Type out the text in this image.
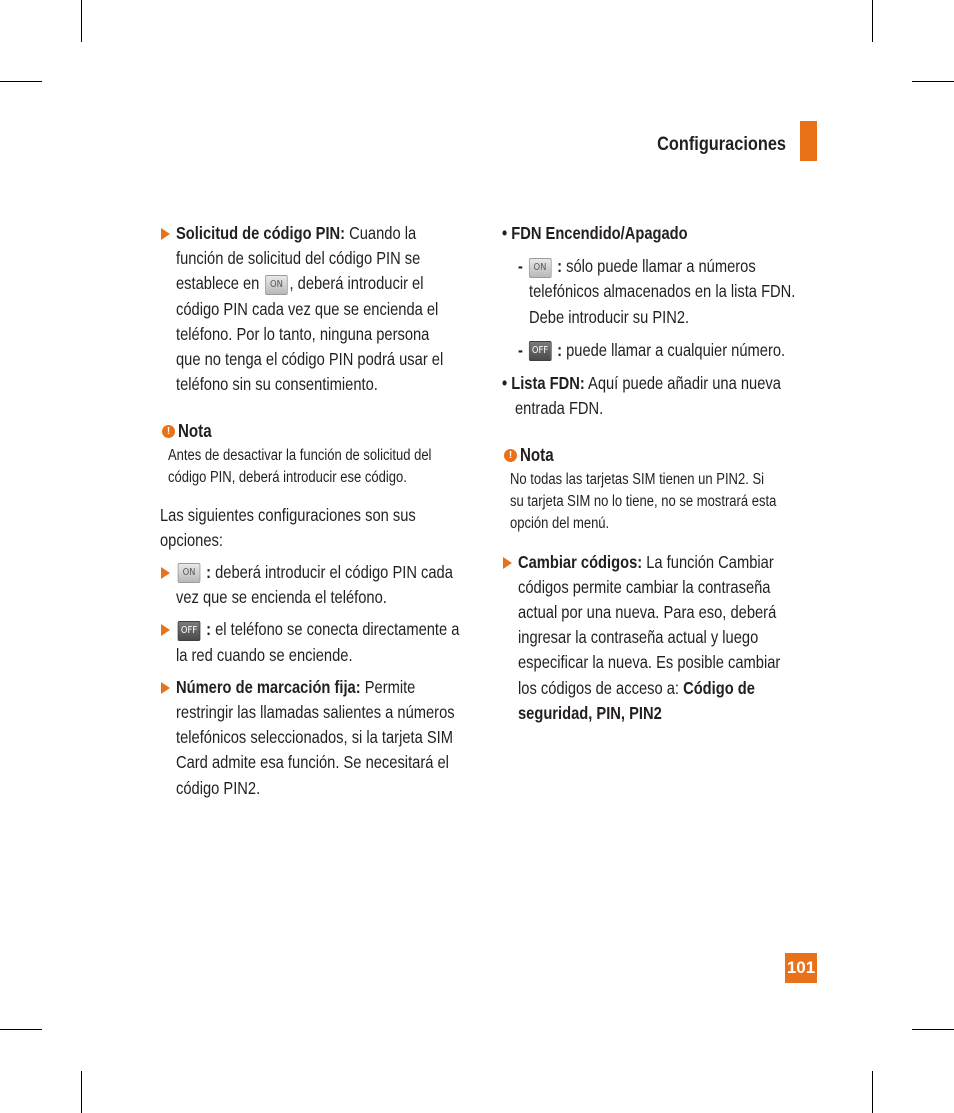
Configuraciones

Solicitud de código PIN: Cuando la

función de solicitud del código PIN se

establece en ON , deberá introducir el

código PIN cada vez que se encienda el

teléfono. Por lo tanto, ninguna persona

que no tenga el código PIN podrá usar el

teléfono sin su consentimiento.

! Nota

Antes de desactivar la función de solicitud del

código PIN, deberá introducir ese código.

Las siguientes configuraciones son sus

opciones:

ON : deberá introducir el código PIN cada

vez que se encienda el teléfono.

OFF : el teléfono se conecta directamente a

la red cuando se enciende.

Número de marcación fija: Permite

restringir las llamadas salientes a números

telefónicos seleccionados, si la tarjeta SIM

Card admite esa función. Se necesitará el

código PIN2.

• FDN Encendido/Apagado

- ON : sólo puede llamar a números

telefónicos almacenados en la lista FDN.

Debe introducir su PIN2.

- OFF : puede llamar a cualquier número.

• Lista FDN: Aquí puede añadir una nueva

entrada FDN.

! Nota

No todas las tarjetas SIM tienen un PIN2. Si

su tarjeta SIM no lo tiene, no se mostrará esta

opción del menú.

Cambiar códigos: La función Cambiar

códigos permite cambiar la contraseña

actual por una nueva. Para eso, deberá

ingresar la contraseña actual y luego

especificar la nueva. Es posible cambiar

los códigos de acceso a: Código de

seguridad, PIN, PIN2

101
